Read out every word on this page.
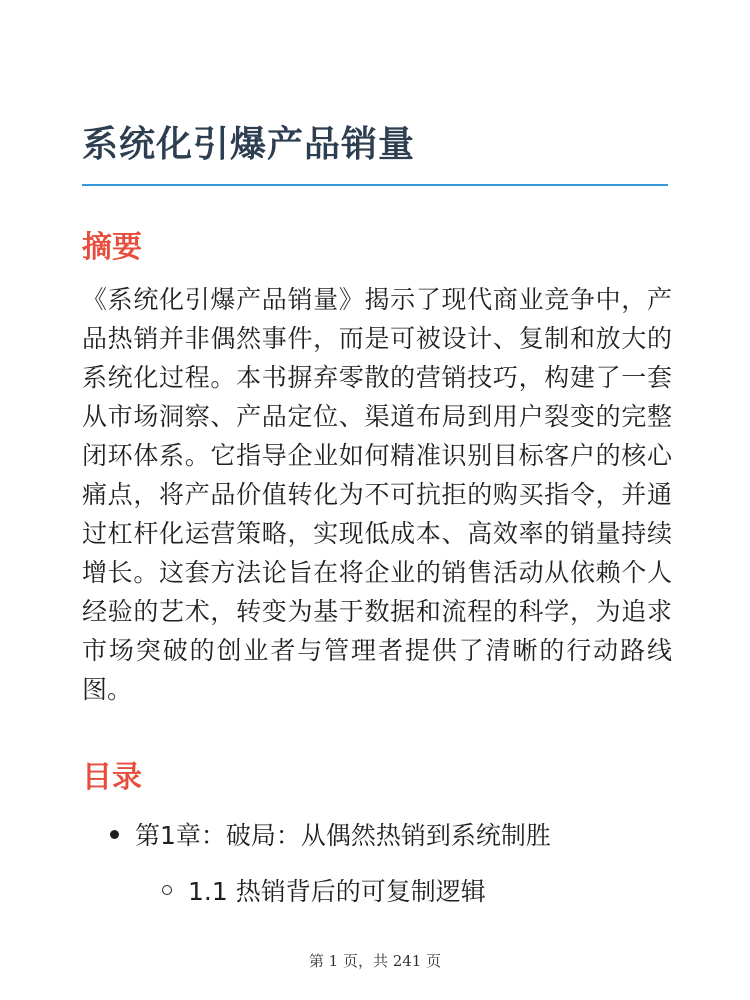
系统化引爆产品销量
摘要

《系统化引爆产品销量》揭示了现代商业竞争中，产品热销并非偶然事件，而是可被设计、复制和放大的系统化过程。本书摒弃零散的营销技巧，构建了一套从市场洞察、产品定位、渠道布局到用户裂变的完整闭环体系。它指导企业如何精准识别目标客户的核心痛点，将产品价值转化为不可抗拒的购买指令，并通过杠杆化运营策略，实现低成本、高效率的销量持续增长。这套方法论旨在将企业的销售活动从依赖个人经验的艺术，转变为基于数据和流程的科学，为追求市场突破的创业者与管理者提供了清晰的行动路线图。

目录
第1章：破局：从偶然热销到系统制胜
1.1 热销背后的可复制逻辑
第 1 页，共 241 页
